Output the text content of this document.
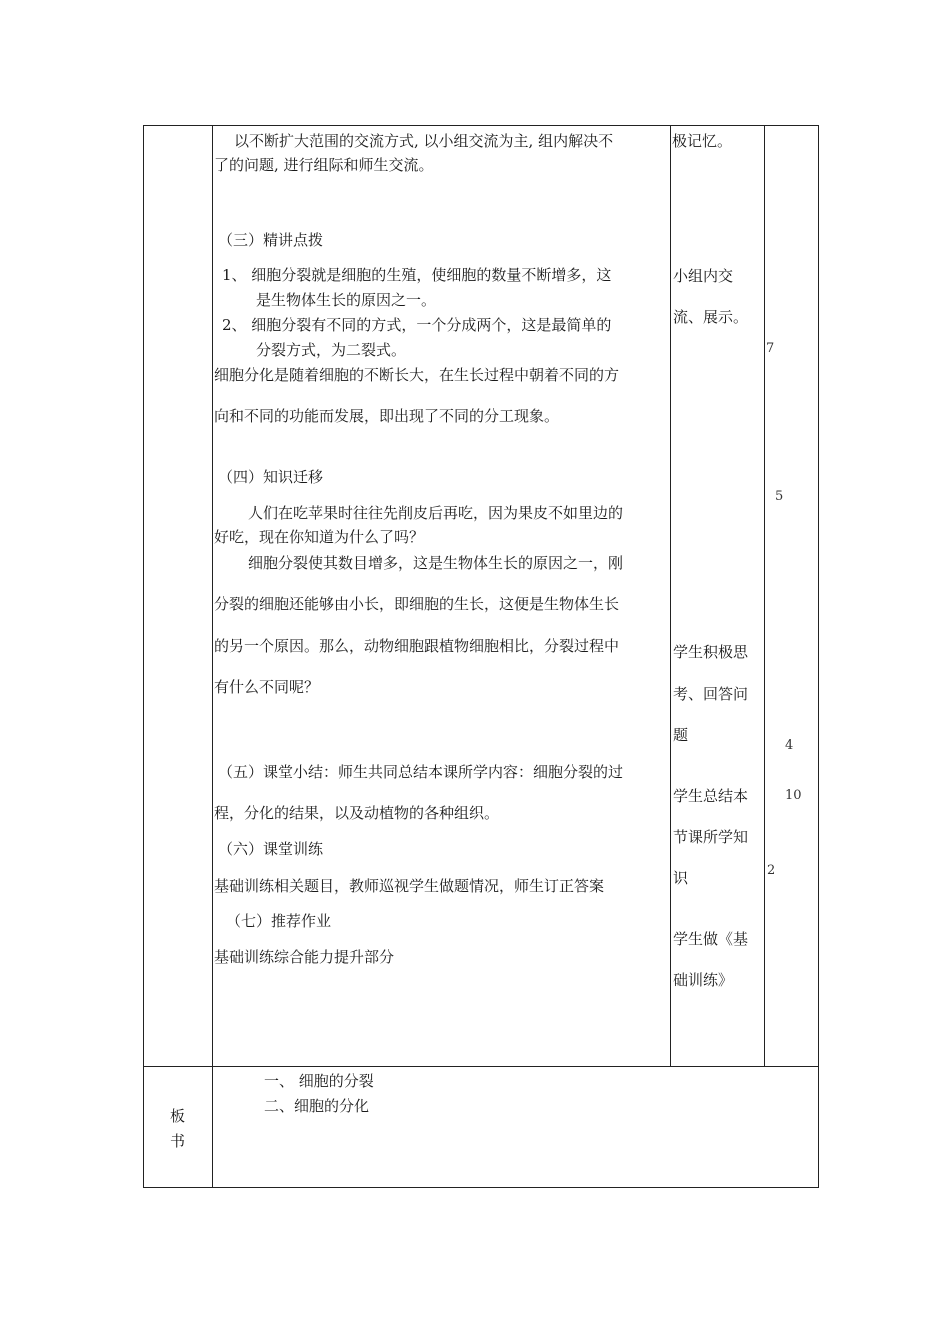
以不断扩大范围的交流方式, 以小组交流为主, 组内解决不
了的问题, 进行组际和师生交流。
（三）精讲点拨
1、 细胞分裂就是细胞的生殖，使细胞的数量不断增多，这
是生物体生长的原因之一。
2、 细胞分裂有不同的方式，一个分成两个，这是最简单的
分裂方式，为二裂式。
细胞分化是随着细胞的不断长大，在生长过程中朝着不同的方
向和不同的功能而发展，即出现了不同的分工现象。
（四）知识迁移
人们在吃苹果时往往先削皮后再吃，因为果皮不如里边的
好吃，现在你知道为什么了吗？
细胞分裂使其数目增多，这是生物体生长的原因之一，刚
分裂的细胞还能够由小长，即细胞的生长，这便是生物体生长
的另一个原因。那么，动物细胞跟植物细胞相比，分裂过程中
有什么不同呢？
（五）课堂小结：师生共同总结本课所学内容：细胞分裂的过
程，分化的结果，以及动植物的各种组织。
（六）课堂训练
基础训练相关题目，教师巡视学生做题情况，师生订正答案
（七）推荐作业
基础训练综合能力提升部分
极记忆。
小组内交
流、展示。
学生积极思
考、回答问
题
学生总结本
节课所学知
识
学生做《基
础训练》
7
5
4
10
2
板
书
一、 细胞的分裂
二、细胞的分化
